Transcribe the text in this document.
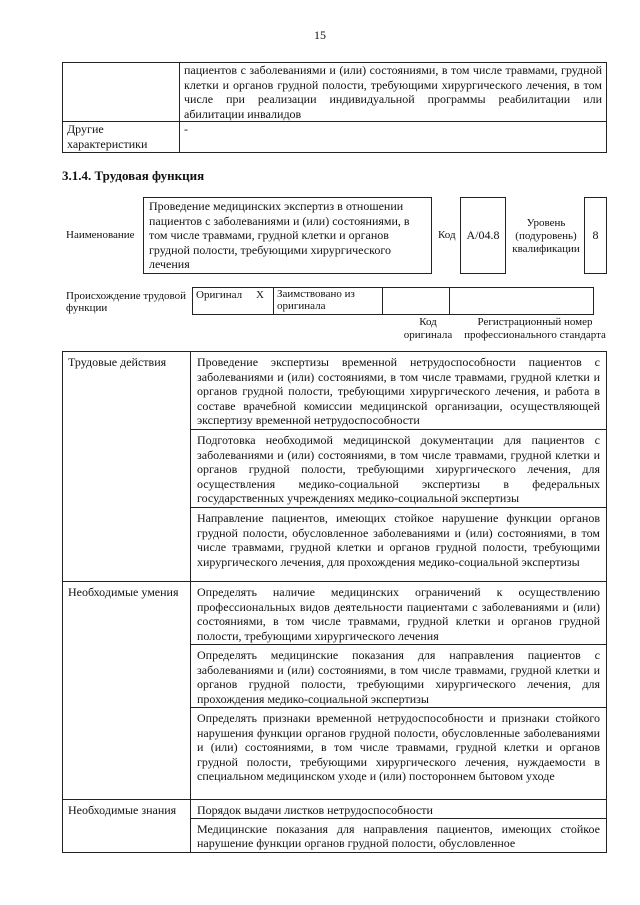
15
	пациентов с заболеваниями и (или) состояниями, в том числе травмами, грудной клетки и органов грудной полости, требующими хирургического лечения, в том числе при реализации индивидуальной программы реабилитации или абилитации инвалидов
Другие характеристики	-
3.1.4. Трудовая функция
Наименование
Проведение медицинских экспертиз в отношении пациентов с заболеваниями и (или) состояниями, в том числе травмами, грудной клетки и органов грудной полости, требующими хирургического лечения
Код А/04.8
Уровень (подуровень) квалификации
8
Происхождение трудовой функции
Оригинал	Х	Заимствовано из оригинала		
Код оригинала
Регистрационный номер профессионального стандарта
Трудовые действия	Проведение экспертизы временной нетрудоспособности пациентов с заболеваниями и (или) состояниями, в том числе травмами, грудной клетки и органов грудной полости, требующими хирургического лечения, и работа в составе врачебной комиссии медицинской организации, осуществляющей экспертизу временной нетрудоспособности
	Подготовка необходимой медицинской документации для пациентов с заболеваниями и (или) состояниями, в том числе травмами, грудной клетки и органов грудной полости, требующими хирургического лечения, для осуществления медико-социальной экспертизы в федеральных государственных учреждениях медико-социальной экспертизы
	Направление пациентов, имеющих стойкое нарушение функции органов грудной полости, обусловленное заболеваниями и (или) состояниями, в том числе травмами, грудной клетки и органов грудной полости, требующими хирургического лечения, для прохождения медико-социальной экспертизы
Необходимые умения	Определять наличие медицинских ограничений к осуществлению профессиональных видов деятельности пациентами с заболеваниями и (или) состояниями, в том числе травмами, грудной клетки и органов грудной полости, требующими хирургического лечения
	Определять медицинские показания для направления пациентов с заболеваниями и (или) состояниями, в том числе травмами, грудной клетки и органов грудной полости, требующими хирургического лечения, для прохождения медико-социальной экспертизы
	Определять признаки временной нетрудоспособности и признаки стойкого нарушения функции органов грудной полости, обусловленные заболеваниями и (или) состояниями, в том числе травмами, грудной клетки и органов грудной полости, требующими хирургического лечения, нуждаемости в специальном медицинском уходе и (или) постороннем бытовом уходе
Необходимые знания	Порядок выдачи листков нетрудоспособности
	Медицинские показания для направления пациентов, имеющих стойкое нарушение функции органов грудной полости, обусловленное
